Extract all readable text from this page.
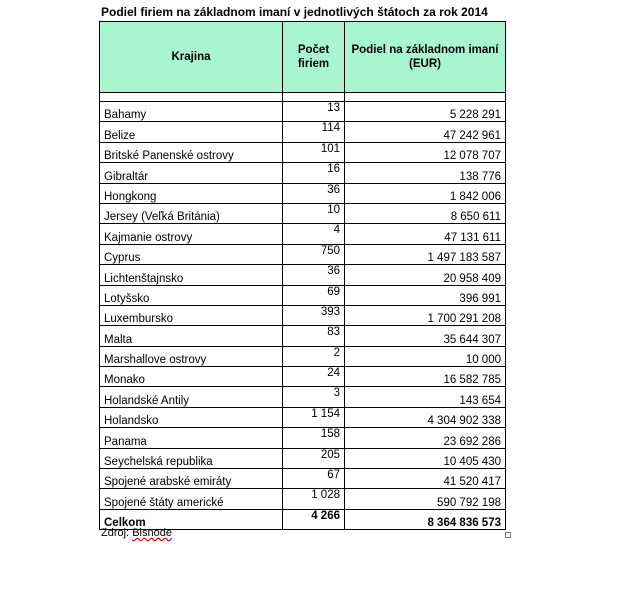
Podiel firiem na základnom imaní v jednotlivých štátoch za rok 2014
Krajina	Počet firiem	Podiel na základnom imaní (EUR)

Bahamy	13	5 228 291
Belize	114	47 242 961
Britské Panenské ostrovy	101	12 078 707
Gibraltár	16	138 776
Hongkong	36	1 842 006
Jersey (Veľká Británia)	10	8 650 611
Kajmanie ostrovy	4	47 131 611
Cyprus	750	1 497 183 587
Lichtenštajnsko	36	20 958 409
Lotyšsko	69	396 991
Luxembursko	393	1 700 291 208
Malta	83	35 644 307
Marshallove ostrovy	2	10 000
Monako	24	16 582 785
Holandské Antily	3	143 654
Holandsko	1 154	4 304 902 338
Panama	158	23 692 286
Seychelská republika	205	10 405 430
Spojené arabské emiráty	67	41 520 417
Spojené štáty americké	1 028	590 792 198
Celkom	4 266	8 364 836 573
Zdroj: Bisnode
